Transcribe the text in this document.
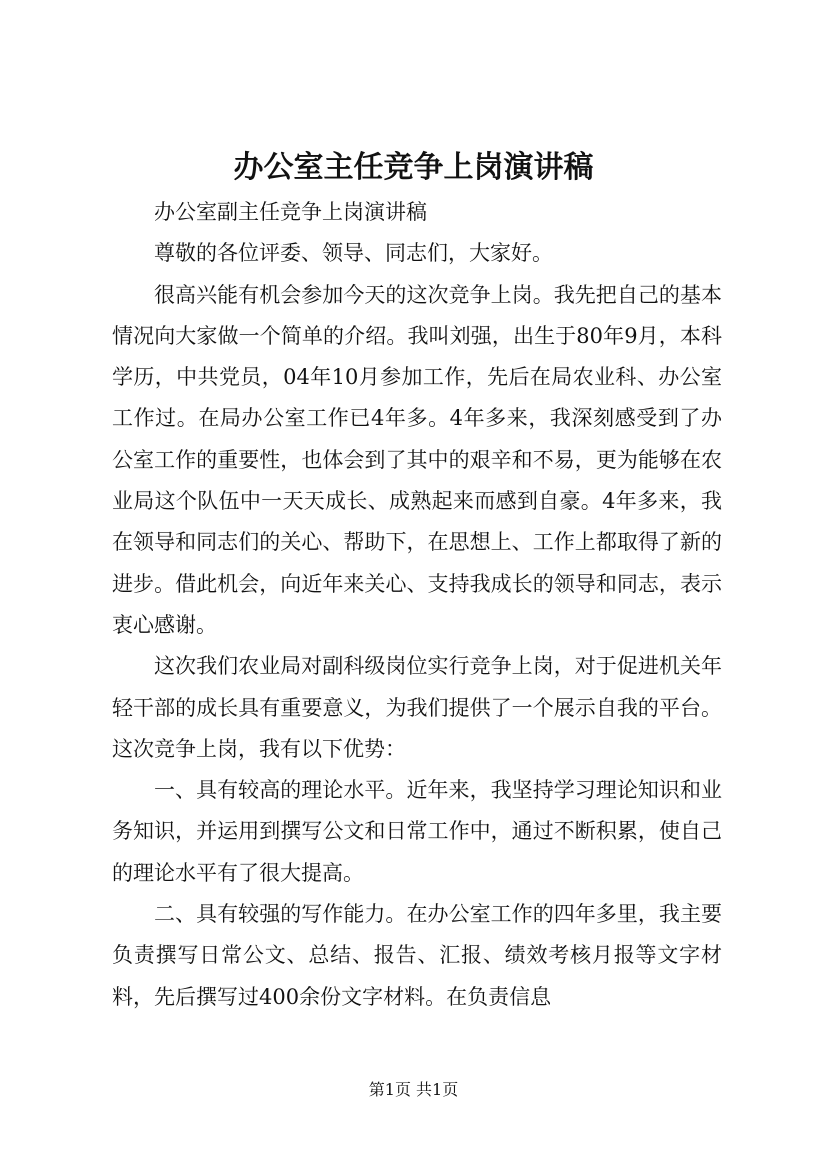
办公室主任竞争上岗演讲稿

办公室副主任竞争上岗演讲稿

尊敬的各位评委、领导、同志们，大家好。

很高兴能有机会参加今天的这次竞争上岗。我先把自己的基本情况向大家做一个简单的介绍。我叫刘强，出生于80年9月，本科学历，中共党员，04年10月参加工作，先后在局农业科、办公室工作过。在局办公室工作已4年多。4年多来，我深刻感受到了办公室工作的重要性，也体会到了其中的艰辛和不易，更为能够在农业局这个队伍中一天天成长、成熟起来而感到自豪。4年多来，我在领导和同志们的关心、帮助下，在思想上、工作上都取得了新的进步。借此机会，向近年来关心、支持我成长的领导和同志，表示衷心感谢。

这次我们农业局对副科级岗位实行竞争上岗，对于促进机关年轻干部的成长具有重要意义，为我们提供了一个展示自我的平台。这次竞争上岗，我有以下优势：

一、具有较高的理论水平。近年来，我坚持学习理论知识和业务知识，并运用到撰写公文和日常工作中，通过不断积累，使自己的理论水平有了很大提高。

二、具有较强的写作能力。在办公室工作的四年多里，我主要负责撰写日常公文、总结、报告、汇报、绩效考核月报等文字材料，先后撰写过400余份文字材料。在负责信息

第1页 共1页
